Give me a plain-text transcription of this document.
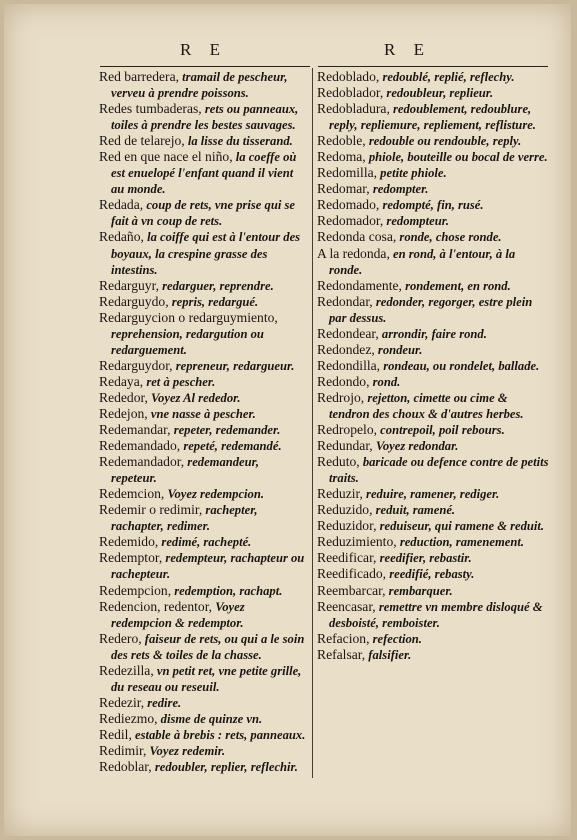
R E	R E
Red barredera, tramail de pescheur, verveu à prendre poissons.
Redes tumbaderas, rets ou panneaux, toiles à prendre les bestes sauvages.
Red de telarejo, la lisse du tisserand.
Red en que nace el niño, la coeffe où est enuelopé l'enfant quand il vient au monde.
Redada, coup de rets, vne prise qui se fait à vn coup de rets.
Redaño, la coiffe qui est à l'entour des boyaux, la crespine grasse des intestins.
Redarguyr, redarguer, reprendre.
Redarguydo, repris, redargué.
Redarguycion o redarguymiento, reprehension, redargution ou redarguement.
Redarguydor, repreneur, redargueur.
Redaya, ret à pescher.
Rededor, Voyez Al rededor.
Redejon, vne nasse à pescher.
Redemandar, repeter, redemander.
Redemandado, repeté, redemandé.
Redemandador, redemandeur, repeteur.
Redemcion, Voyez redempcion.
Redemir o redimir, rachepter, rachapter, redimer.
Redemido, redimé, rachepté.
Redemptor, redempteur, rachapteur ou rachepteur.
Redempcion, redemption, rachapt.
Redencion, redentor, Voyez redempcion & redemptor.
Redero, faiseur de rets, ou qui a le soin des rets & toiles de la chasse.
Redezilla, vn petit ret, vne petite grille, du reseau ou reseuil.
Redezir, redire.
Rediezmo, disme de quinze vn.
Redil, estable à brebis : rets, panneaux.
Redimir, Voyez redemir.
Redoblar, redoubler, replier, reflechir.
Redoblado, redoublé, replié, reflechy.
Redoblador, redoubleur, replieur.
Redobladura, redoublement, redoublure, reply, repliemure, repliement, reflisture.
Redoble, redouble ou rendouble, reply.
Redoma, phiole, bouteille ou bocal de verre.
Redomilla, petite phiole.
Redomar, redompter.
Redomado, redompté, fin, rusé.
Redomador, redompteur.
Redonda cosa, ronde, chose ronde.
A la redonda, en rond, à l'entour, à la ronde.
Redondamente, rondement, en rond.
Redondar, redonder, regorger, estre plein par dessus.
Redondear, arrondir, faire rond.
Redondez, rondeur.
Redondilla, rondeau, ou rondelet, ballade.
Redondo, rond.
Redrojo, rejetton, cimette ou cime & tendron des choux & d'autres herbes.
Redropelo, contrepoil, poil rebours.
Redundar, Voyez redondar.
Reduto, baricade ou defence contre de petits traits.
Reduzir, reduire, ramener, rediger.
Reduzido, reduit, ramené.
Reduzidor, reduiseur, qui ramene & reduit.
Reduzimiento, reduction, ramenement.
Reedificar, reedifier, rebastir.
Reedificado, reedifié, rebasty.
Reembarcar, rembarquer.
Reencasar, remettre vn membre disloqué & desboisté, remboister.
Refacion, refection.
Refalsar, falsifier.
